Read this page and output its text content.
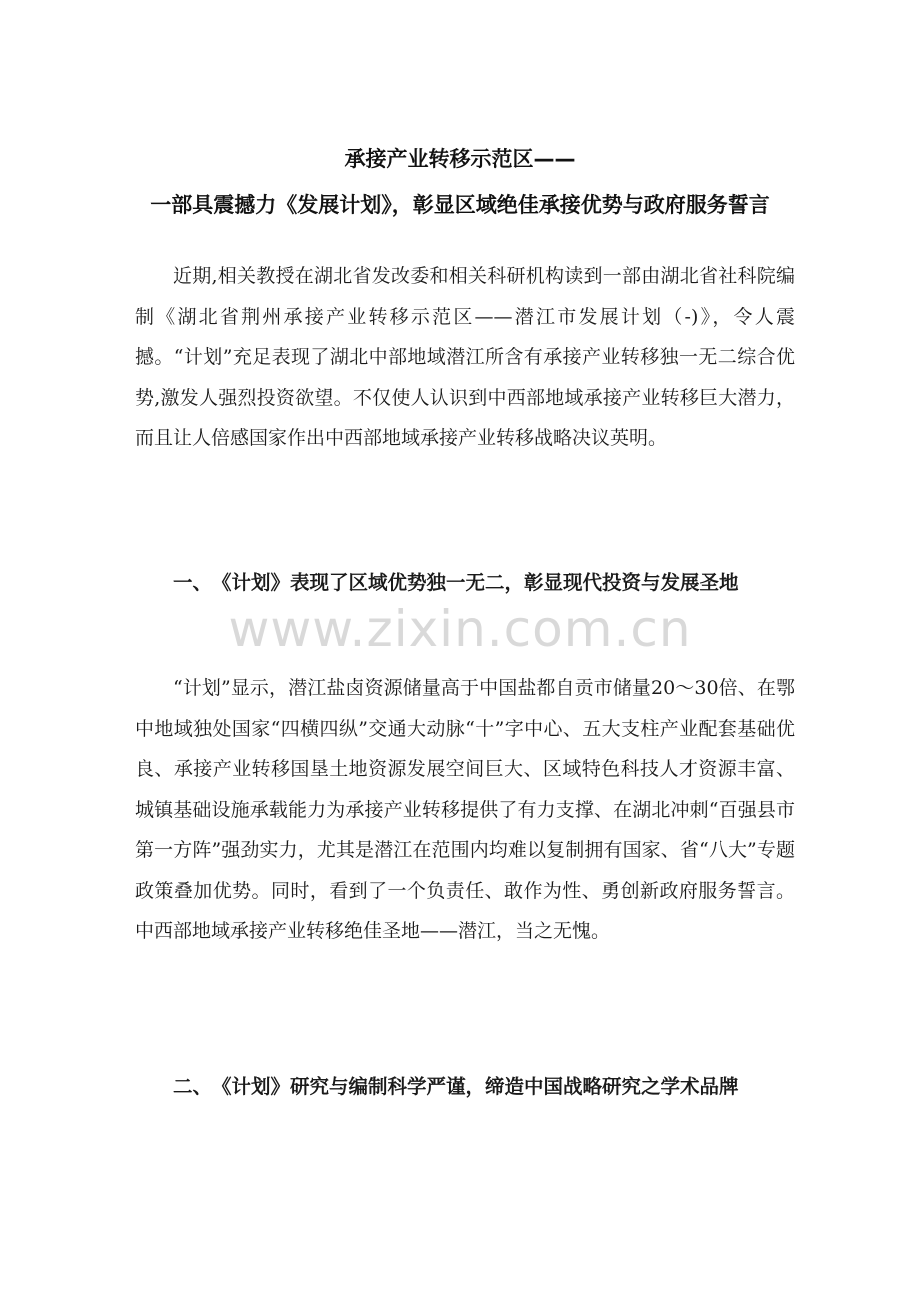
承接产业转移示范区——
一部具震撼力《发展计划》，彰显区域绝佳承接优势与政府服务誓言

近期,相关教授在湖北省发改委和相关科研机构读到一部由湖北省社科院编制《湖北省荆州承接产业转移示范区——潜江市发展计划（-)》，令人震撼。“计划”充足表现了湖北中部地域潜江所含有承接产业转移独一无二综合优势,激发人强烈投资欲望。不仅使人认识到中西部地域承接产业转移巨大潜力，而且让人倍感国家作出中西部地域承接产业转移战略决议英明。

一、　《计划》表现了区域优势独一无二，彰显现代投资与发展圣地

“计划”显示，潜江盐卤资源储量高于中国盐都自贡市储量20～30倍、在鄂中地域独处国家“四横四纵”交通大动脉“十”字中心、五大支柱产业配套基础优良、承接产业转移国垦土地资源发展空间巨大、区域特色科技人才资源丰富、城镇基础设施承载能力为承接产业转移提供了有力支撑、在湖北冲刺“百强县市第一方阵”强劲实力，尤其是潜江在范围内均难以复制拥有国家、省“八大”专题政策叠加优势。同时，看到了一个负责任、敢作为性、勇创新政府服务誓言。中西部地域承接产业转移绝佳圣地——潜江，当之无愧。

二、　《计划》研究与编制科学严谨，缔造中国战略研究之学术品牌

www.zixin.com.cn
